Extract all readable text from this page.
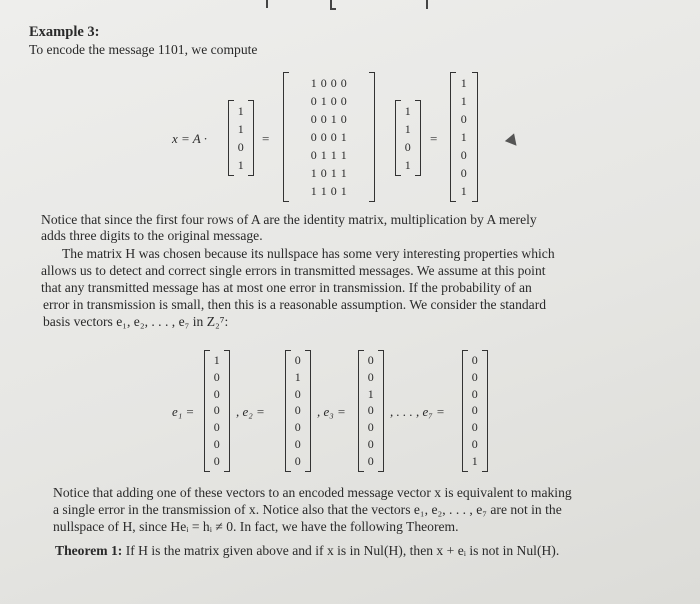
Example 3:
To encode the message 1101, we compute
x = A ·
1
1
0
1
=
1 0 0 0
0 1 0 0
0 0 1 0
0 0 0 1
0 1 1 1
1 0 1 1
1 1 0 1
1
1
0
1
=
1
1
0
1
0
0
1
Notice that since the first four rows of A are the identity matrix, multiplication by A merely
adds three digits to the original message.
The matrix H was chosen because its nullspace has some very interesting properties which
allows us to detect and correct single errors in transmitted messages. We assume at this point
that any transmitted message has at most one error in transmission. If the probability of an
error in transmission is small, then this is a reasonable assumption. We consider the standard
basis vectors e₁, e₂, . . . , e₇ in Z₂⁷:
e₁ =
1
0
0
0
0
0
0
, e₂ =
0
1
0
0
0
0
0
, e₃ =
0
0
1
0
0
0
0
, . . . , e₇ =
0
0
0
0
0
0
1
Notice that adding one of these vectors to an encoded message vector x is equivalent to making
a single error in the transmission of x. Notice also that the vectors e₁, e₂, . . . , e₇ are not in the
nullspace of H, since Heᵢ = hᵢ ≠ 0. In fact, we have the following Theorem.
Theorem 1: If H is the matrix given above and if x is in Nul(H), then x + eᵢ is not in Nul(H).
